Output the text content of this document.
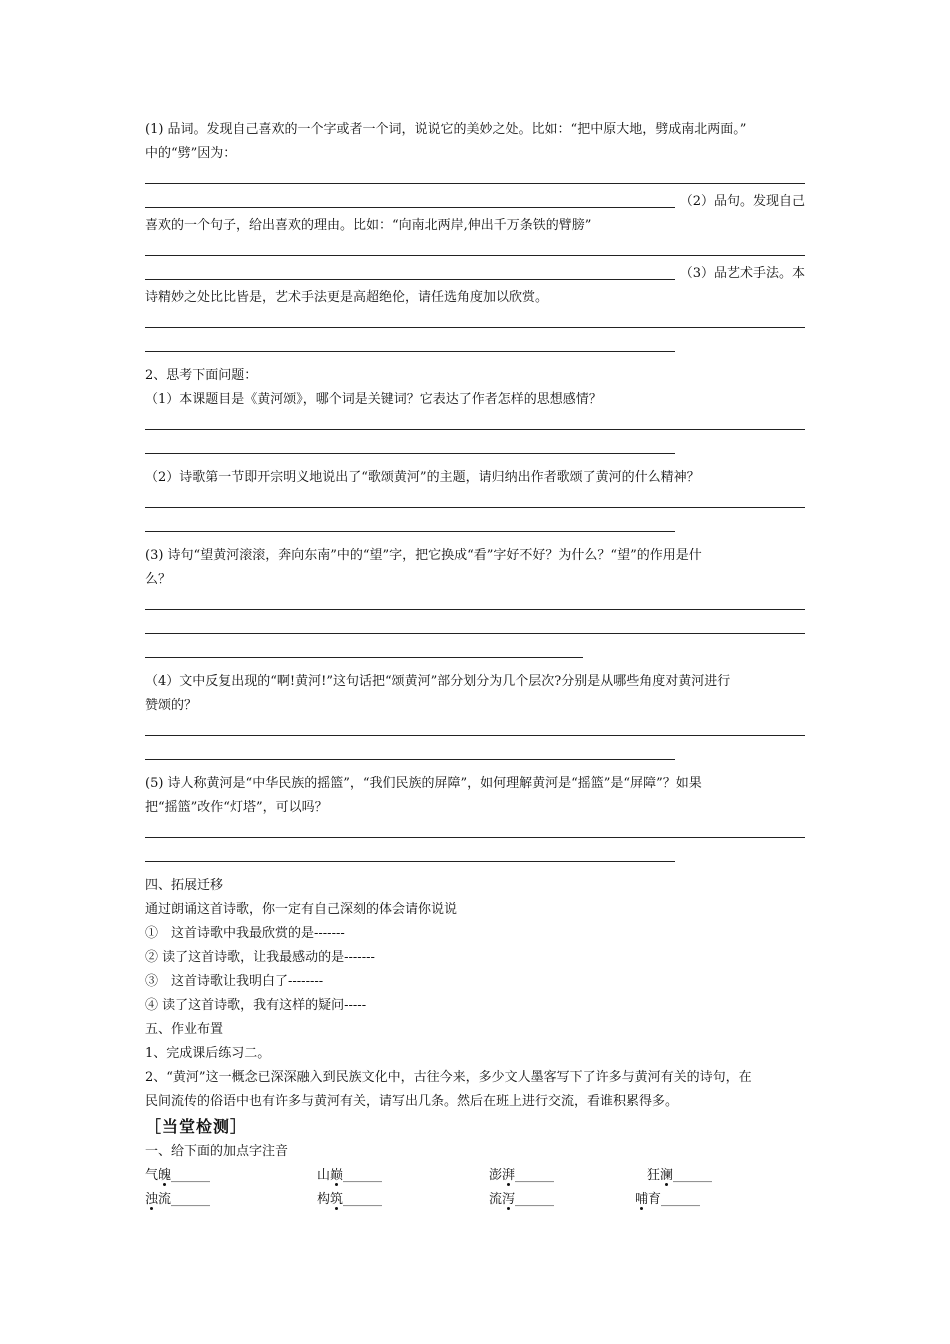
(1) 品词。发现自己喜欢的一个字或者一个词，说说它的美妙之处。比如：“把中原大地，劈成南北两面。”
中的“劈”因为：
（2）品句。发现自己
喜欢的一个句子，给出喜欢的理由。比如：“向南北两岸,伸出千万条铁的臂膀”
（3）品艺术手法。本
诗精妙之处比比皆是，艺术手法更是高超绝伦，请任选角度加以欣赏。
2、思考下面问题：
（1）本课题目是《黄河颂》，哪个词是关键词？它表达了作者怎样的思想感情？
（2）诗歌第一节即开宗明义地说出了“歌颂黄河”的主题，请归纳出作者歌颂了黄河的什么精神？
(3) 诗句“望黄河滚滚，奔向东南”中的“望”字，把它换成“看”字好不好？为什么？“望”的作用是什
么？
（4）文中反复出现的“啊!黄河!”这句话把“颂黄河”部分划分为几个层次?分别是从哪些角度对黄河进行
赞颂的？
(5) 诗人称黄河是“中华民族的摇篮”，“我们民族的屏障”，如何理解黄河是“摇篮”是“屏障”？如果
把“摇篮”改作“灯塔”，可以吗？
四、拓展迁移
通过朗诵这首诗歌，你一定有自己深刻的体会请你说说
①　这首诗歌中我最欣赏的是-------
② 读了这首诗歌，让我最感动的是-------
③　这首诗歌让我明白了--------
④ 读了这首诗歌，我有这样的疑问-----
五、作业布置
1、完成课后练习二。
2、“黄河”这一概念已深深融入到民族文化中，古往今来，多少文人墨客写下了许多与黄河有关的诗句，在
民间流传的俗语中也有许多与黄河有关，请写出几条。然后在班上进行交流，看谁积累得多。
［当堂检测］
一、给下面的加点字注音
气魄______	山巅______	澎湃______	狂澜______
浊流______	构筑______	流泻______	哺育______
